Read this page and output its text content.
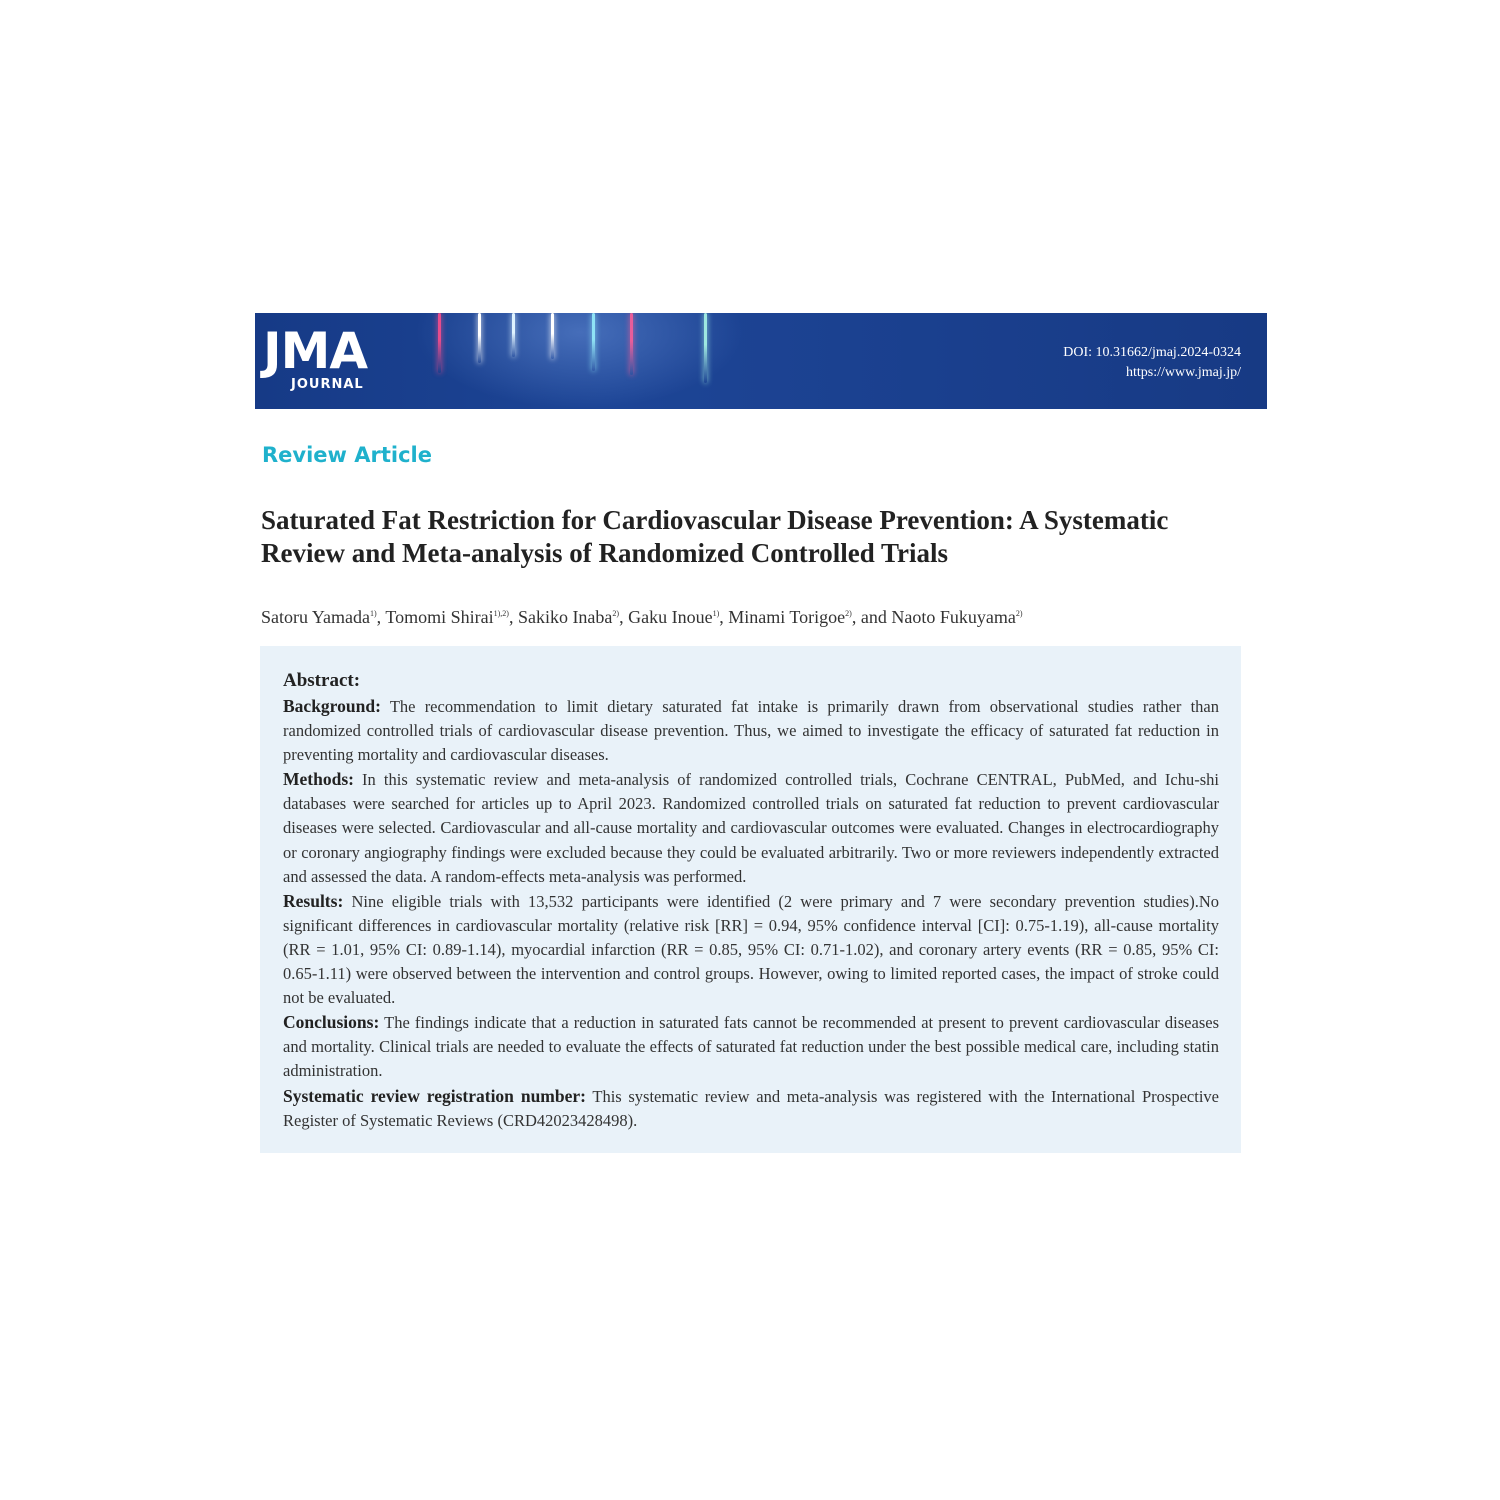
JMA
JOURNAL
DOI: 10.31662/jmaj.2024-0324
https://www.jmaj.jp/
Review Article
Saturated Fat Restriction for Cardiovascular Disease Prevention: A Systematic Review and Meta-analysis of Randomized Controlled Trials
Satoru Yamada$^{1)}$, Tomomi Shirai$^{1),2)}$, Sakiko Inaba$^{2)}$, Gaku Inoue$^{1)}$, Minami Torigoe$^{2)}$, and Naoto Fukuyama$^{2)}$
Abstract:

Background: The recommendation to limit dietary saturated fat intake is primarily drawn from observational studies rather than randomized controlled trials of cardiovascular disease prevention. Thus, we aimed to investigate the efficacy of saturated fat reduction in preventing mortality and cardiovascular diseases.

Methods: In this systematic review and meta-analysis of randomized controlled trials, Cochrane CENTRAL, PubMed, and Ichu-shi databases were searched for articles up to April 2023. Randomized controlled trials on saturated fat reduction to prevent cardiovascular diseases were selected. Cardiovascular and all-cause mortality and cardiovascular outcomes were evaluated. Changes in electrocardiography or coronary angiography findings were excluded because they could be evaluated arbitrarily. Two or more reviewers independently extracted and assessed the data. A random-effects meta-analysis was performed.

Results: Nine eligible trials with 13,532 participants were identified (2 were primary and 7 were secondary prevention studies).No significant differences in cardiovascular mortality (relative risk [RR] = 0.94, 95% confidence interval [CI]: 0.75-1.19), all-cause mortality (RR = 1.01, 95% CI: 0.89-1.14), myocardial infarction (RR = 0.85, 95% CI: 0.71-1.02), and coronary artery events (RR = 0.85, 95% CI: 0.65-1.11) were observed between the intervention and control groups. However, owing to limited reported cases, the impact of stroke could not be evaluated.

Conclusions: The findings indicate that a reduction in saturated fats cannot be recommended at present to prevent cardiovascular diseases and mortality. Clinical trials are needed to evaluate the effects of saturated fat reduction under the best possible medical care, including statin administration.

Systematic review registration number: This systematic review and meta-analysis was registered with the International Prospective Register of Systematic Reviews (CRD42023428498).
